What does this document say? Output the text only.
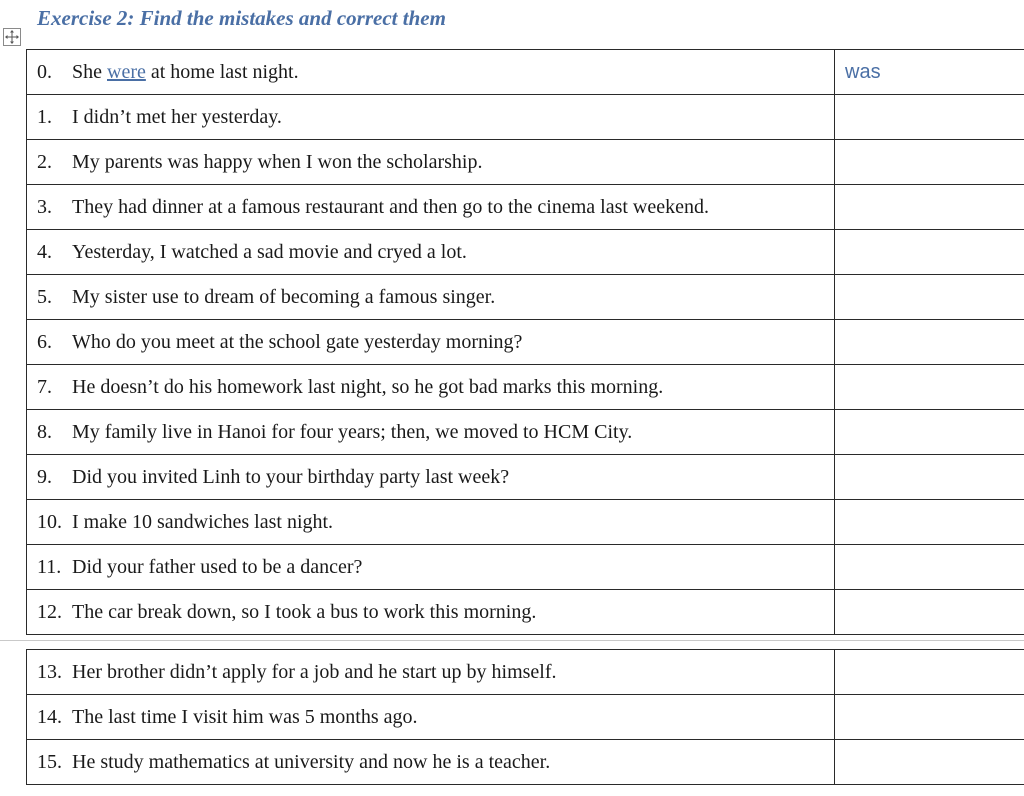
Exercise 2: Find the mistakes and correct them
0. She were at home last night.	was
1. I didn’t met her yesterday.	
2. My parents was happy when I won the scholarship.	
3. They had dinner at a famous restaurant and then go to the cinema last weekend.	
4. Yesterday, I watched a sad movie and cryed a lot.	
5. My sister use to dream of becoming a famous singer.	
6. Who do you meet at the school gate yesterday morning?	
7. He doesn’t do his homework last night, so he got bad marks this morning.	
8. My family live in Hanoi for four years; then, we moved to HCM City.	
9. Did you invited Linh to your birthday party last week?	
10. I make 10 sandwiches last night.	
11. Did your father used to be a dancer?	
12. The car break down, so I took a bus to work this morning.	
13. Her brother didn’t apply for a job and he start up by himself.	
14. The last time I visit him was 5 months ago.	
15. He study mathematics at university and now he is a teacher.	
